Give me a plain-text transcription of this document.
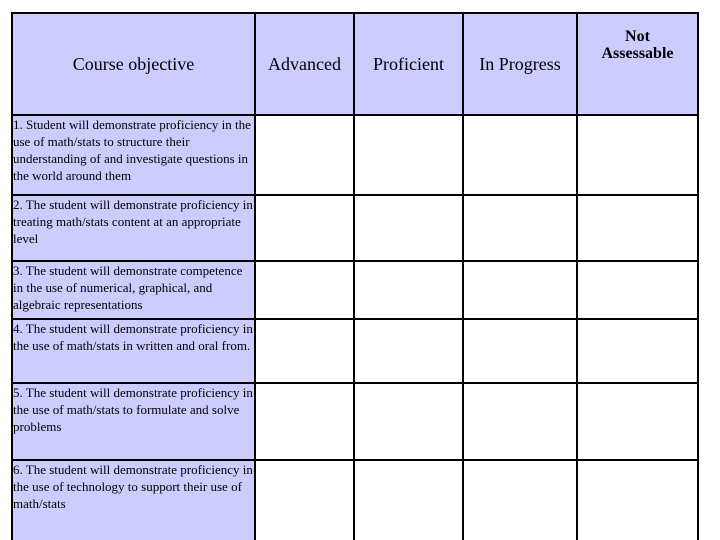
Course objective	Advanced	Proficient	In Progress	Not
Assessable

1. Student will demonstrate proficiency in the use of math/stats to structure their understanding of and investigate questions in the world around them				
2. The student will demonstrate proficiency in treating math/stats content at an appropriate level				
3. The student will demonstrate competence in the use of numerical, graphical, and algebraic representations				
4. The student will demonstrate proficiency in the use of math/stats in written and oral from.				
5. The student will demonstrate proficiency in the use of math/stats to formulate and solve problems				
6. The student will demonstrate proficiency in the use of technology to support their use of math/stats				
